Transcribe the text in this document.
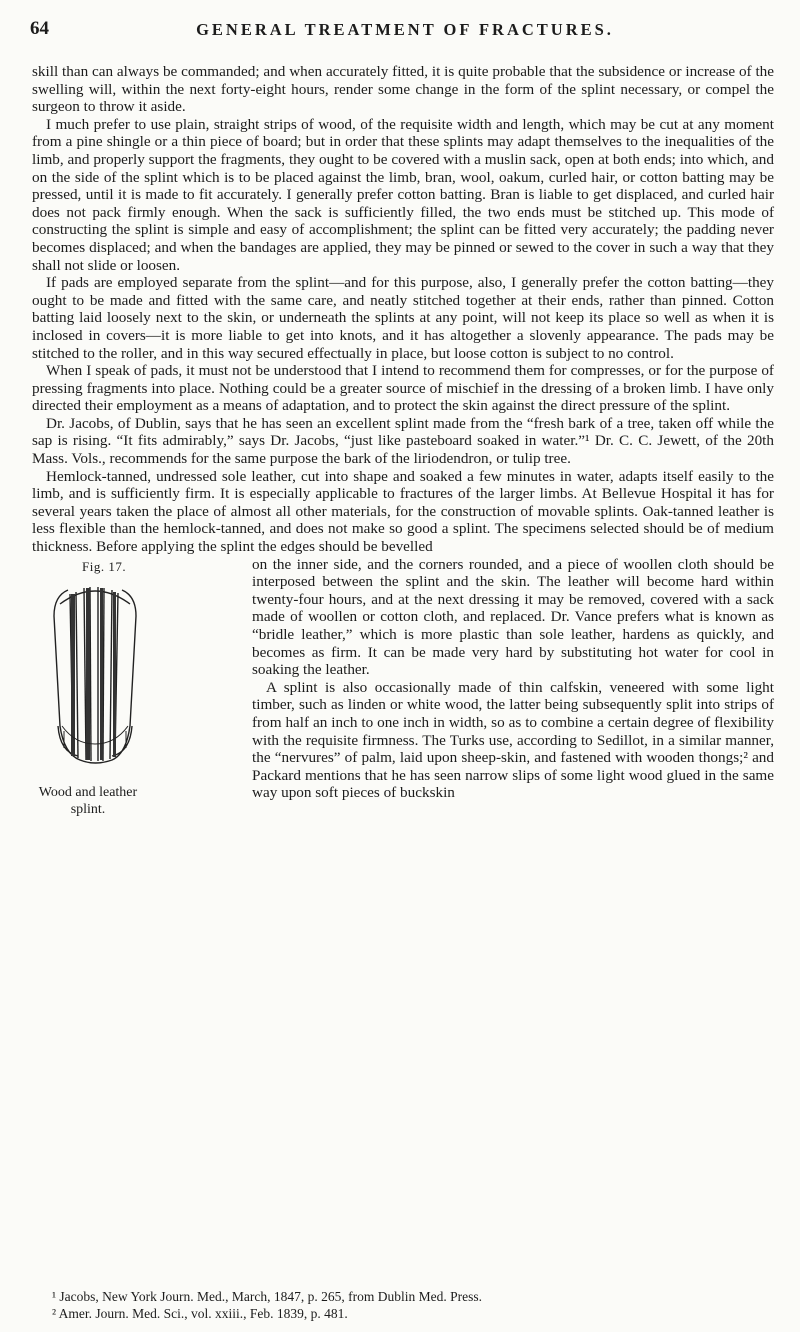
64	GENERAL TREATMENT OF FRACTURES.

skill than can always be commanded; and when accurately fitted, it is quite probable that the subsidence or increase of the swelling will, within the next forty-eight hours, render some change in the form of the splint necessary, or compel the surgeon to throw it aside.

I much prefer to use plain, straight strips of wood, of the requisite width and length, which may be cut at any moment from a pine shingle or a thin piece of board; but in order that these splints may adapt themselves to the inequalities of the limb, and properly support the fragments, they ought to be covered with a muslin sack, open at both ends; into which, and on the side of the splint which is to be placed against the limb, bran, wool, oakum, curled hair, or cotton batting may be pressed, until it is made to fit accurately. I generally prefer cotton batting. Bran is liable to get displaced, and curled hair does not pack firmly enough. When the sack is sufficiently filled, the two ends must be stitched up. This mode of constructing the splint is simple and easy of accomplishment; the splint can be fitted very accurately; the padding never becomes displaced; and when the bandages are applied, they may be pinned or sewed to the cover in such a way that they shall not slide or loosen.

If pads are employed separate from the splint—and for this purpose, also, I generally prefer the cotton batting—they ought to be made and fitted with the same care, and neatly stitched together at their ends, rather than pinned. Cotton batting laid loosely next to the skin, or underneath the splints at any point, will not keep its place so well as when it is inclosed in covers—it is more liable to get into knots, and it has altogether a slovenly appearance. The pads may be stitched to the roller, and in this way secured effectually in place, but loose cotton is subject to no control.

When I speak of pads, it must not be understood that I intend to recommend them for compresses, or for the purpose of pressing fragments into place. Nothing could be a greater source of mischief in the dressing of a broken limb. I have only directed their employment as a means of adaptation, and to protect the skin against the direct pressure of the splint.

Dr. Jacobs, of Dublin, says that he has seen an excellent splint made from the “fresh bark of a tree, taken off while the sap is rising. “It fits admirably,” says Dr. Jacobs, “just like pasteboard soaked in water.”¹ Dr. C. C. Jewett, of the 20th Mass. Vols., recommends for the same purpose the bark of the liriodendron, or tulip tree.

Hemlock-tanned, undressed sole leather, cut into shape and soaked a few minutes in water, adapts itself easily to the limb, and is sufficiently firm. It is especially applicable to fractures of the larger limbs. At Bellevue Hospital it has for several years taken the place of almost all other materials, for the construction of movable splints. Oak-tanned leather is less flexible than the hemlock-tanned, and does not make so good a splint. The specimens selected should be of medium thickness. Before applying the splint the edges should be bevelled

Fig. 17.
Wood and leather splint.

on the inner side, and the corners rounded, and a piece of woollen cloth should be interposed between the splint and the skin. The leather will become hard within twenty-four hours, and at the next dressing it may be removed, covered with a sack made of woollen or cotton cloth, and replaced. Dr. Vance prefers what is known as “bridle leather,” which is more plastic than sole leather, hardens as quickly, and becomes as firm. It can be made very hard by substituting hot water for cool in soaking the leather.

A splint is also occasionally made of thin calfskin, veneered with some light timber, such as linden or white wood, the latter being subsequently split into strips of from half an inch to one inch in width, so as to combine a certain degree of flexibility with the requisite firmness. The Turks use, according to Sedillot, in a similar manner, the “nervures” of palm, laid upon sheep-skin, and fastened with wooden thongs;² and Packard mentions that he has seen narrow slips of some light wood glued in the same way upon soft pieces of buckskin

¹ Jacobs, New York Journ. Med., March, 1847, p. 265, from Dublin Med. Press.
² Amer. Journ. Med. Sci., vol. xxiii., Feb. 1839, p. 481.
